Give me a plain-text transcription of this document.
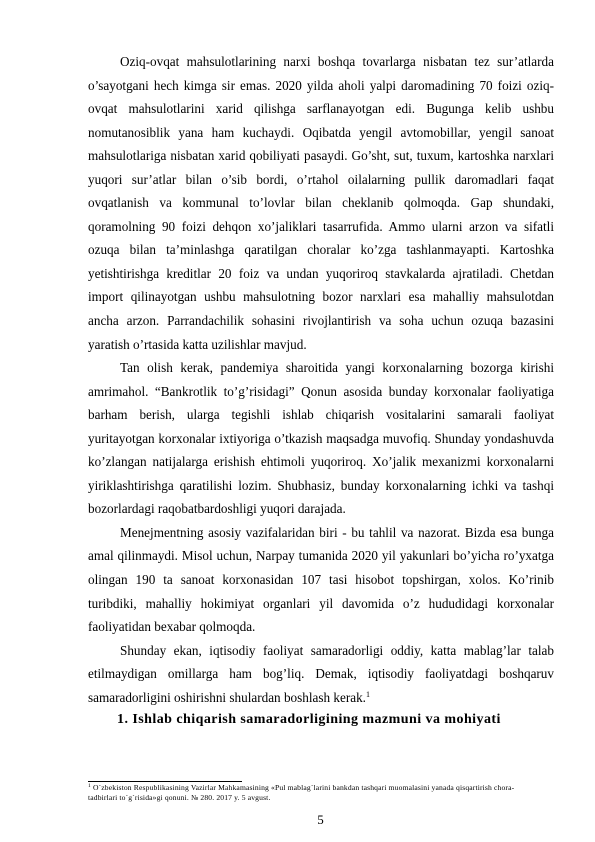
Oziq-ovqat mahsulotlarining narxi boshqa tovarlarga nisbatan tez sur’atlarda o’sayotgani hech kimga sir emas. 2020 yilda aholi yalpi daromadining 70 foizi oziq-ovqat mahsulotlarini xarid qilishga sarflanayotgan edi. Bugunga kelib ushbu nomutanosiblik yana ham kuchaydi. Oqibatda yengil avtomobillar, yengil sanoat mahsulotlariga nisbatan xarid qobiliyati pasaydi. Go’sht, sut, tuxum, kartoshka narxlari yuqori sur’atlar bilan o’sib bordi, o’rtahol oilalarning pullik daromadlari faqat ovqatlanish va kommunal to’lovlar bilan cheklanib qolmoqda. Gap shundaki, qoramolning 90 foizi dehqon xo’jaliklari tasarrufida. Ammo ularni arzon va sifatli ozuqa bilan ta’minlashga qaratilgan choralar ko’zga tashlanmayapti. Kartoshka yetishtirishga kreditlar 20 foiz va undan yuqoriroq stavkalarda ajratiladi. Chetdan import qilinayotgan ushbu mahsulotning bozor narxlari esa mahalliy mahsulotdan ancha arzon. Parrandachilik sohasini rivojlantirish va soha uchun ozuqa bazasini yaratish o’rtasida katta uzilishlar mavjud.

Tan olish kerak, pandemiya sharoitida yangi korxonalarning bozorga kirishi amrimahol. “Bankrotlik to’g’risidagi” Qonun asosida bunday korxonalar faoliyatiga barham berish, ularga tegishli ishlab chiqarish vositalarini samarali faoliyat yuritayotgan korxonalar ixtiyoriga o’tkazish maqsadga muvofiq. Shunday yondashuvda ko’zlangan natijalarga erishish ehtimoli yuqoriroq. Xo’jalik mexanizmi korxonalarni yiriklashtirishga qaratilishi lozim. Shubhasiz, bunday korxonalarning ichki va tashqi bozorlardagi raqobatbardoshligi yuqori darajada.

Menejmentning asosiy vazifalaridan biri - bu tahlil va nazorat. Bizda esa bunga amal qilinmaydi. Misol uchun, Narpay tumanida 2020 yil yakunlari bo’yicha ro’yxatga olingan 190 ta sanoat korxonasidan 107 tasi hisobot topshirgan, xolos. Ko’rinib turibdiki, mahalliy hokimiyat organlari yil davomida o’z hududidagi korxonalar faoliyatidan bexabar qolmoqda.

Shunday ekan, iqtisodiy faoliyat samaradorligi oddiy, katta mablag’lar talab etilmaydigan omillarga ham bog’liq. Demak, iqtisodiy faoliyatdagi boshqaruv samaradorligini oshirishni shulardan boshlash kerak.$^1$

1. Ishlab chiqarish samaradorligining mazmuni va mohiyati

$^1$ O`zbekiston Respublikasining Vazirlar Mahkamasining «Pul mablag`larini bankdan tashqari muomalasini yanada qisqartirish chora-tadbirlari to`g`risida»gi qonuni. № 280. 2017 y. 5 avgust.
5
